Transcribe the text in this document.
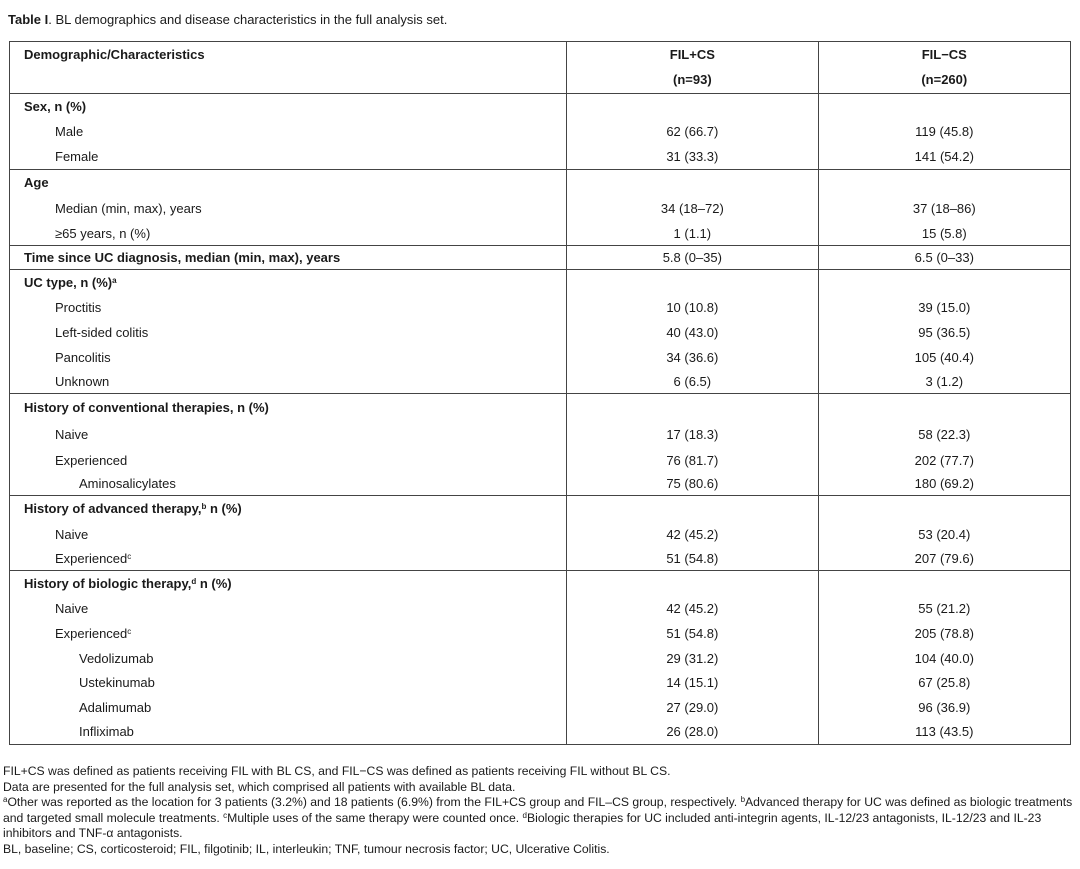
Table I. BL demographics and disease characteristics in the full analysis set.
Demographic/Characteristics	FIL+CS	FIL−CS
	(n=93)	(n=260)
Sex, n (%)		
Male	62 (66.7)	119 (45.8)
Female	31 (33.3)	141 (54.2)
Age		
Median (min, max), years	34 (18–72)	37 (18–86)
≥65 years, n (%)	1 (1.1)	15 (5.8)
Time since UC diagnosis, median (min, max), years	5.8 (0–35)	6.5 (0–33)
UC type, n (%)$^a$		
Proctitis	10 (10.8)	39 (15.0)
Left-sided colitis	40 (43.0)	95 (36.5)
Pancolitis	34 (36.6)	105 (40.4)
Unknown	6 (6.5)	3 (1.2)
History of conventional therapies, n (%)		
Naive	17 (18.3)	58 (22.3)
Experienced	76 (81.7)	202 (77.7)
Aminosalicylates	75 (80.6)	180 (69.2)
History of advanced therapy,$^b$ n (%)		
Naive	42 (45.2)	53 (20.4)
Experienced$^c$	51 (54.8)	207 (79.6)
History of biologic therapy,$^d$ n (%)		
Naive	42 (45.2)	55 (21.2)
Experienced$^c$	51 (54.8)	205 (78.8)
Vedolizumab	29 (31.2)	104 (40.0)
Ustekinumab	14 (15.1)	67 (25.8)
Adalimumab	27 (29.0)	96 (36.9)
Infliximab	26 (28.0)	113 (43.5)

FIL+CS was defined as patients receiving FIL with BL CS, and FIL−CS was defined as patients receiving FIL without BL CS.

Data are presented for the full analysis set, which comprised all patients with available BL data.

$^a$Other was reported as the location for 3 patients (3.2%) and 18 patients (6.9%) from the FIL+CS group and FIL–CS group, respectively. $^b$Advanced therapy for UC was defined as biologic treatments and targeted small molecule treatments. $^c$Multiple uses of the same therapy were counted once. $^d$Biologic therapies for UC included anti-integrin agents, IL-12/23 antagonists, IL-12/23 and IL-23 inhibitors and TNF-α antagonists.

BL, baseline; CS, corticosteroid; FIL, filgotinib; IL, interleukin; TNF, tumour necrosis factor; UC, Ulcerative Colitis.
